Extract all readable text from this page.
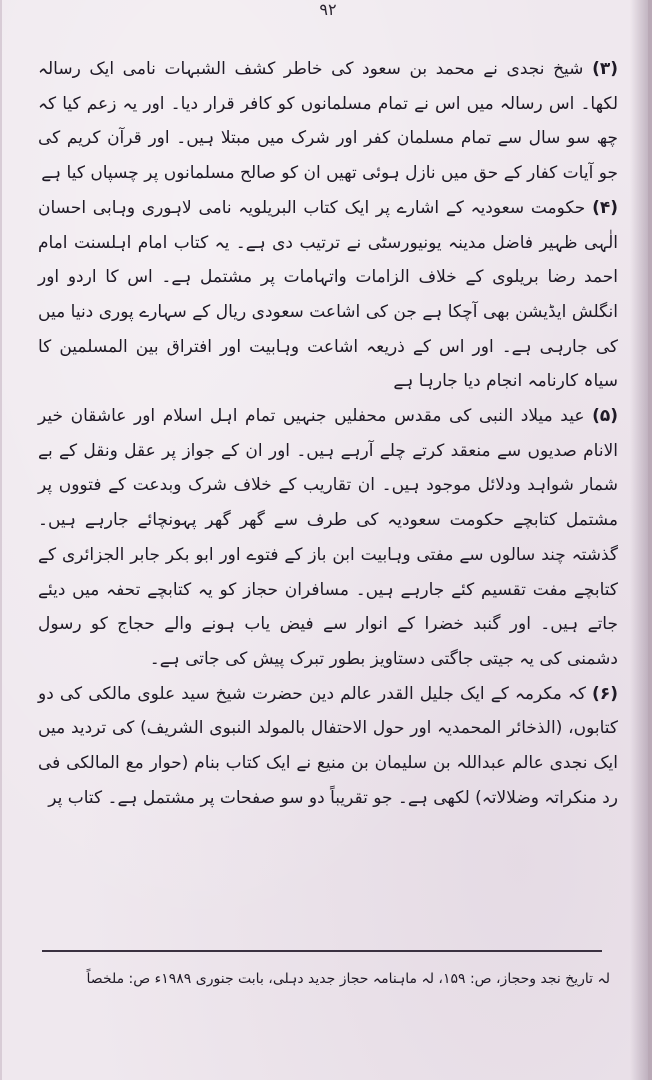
۹۲

(۳) شیخ نجدی نے محمد بن سعود کی خاطر کشف الشبہات نامی ایک رسالہ لکھا۔ اس رسالہ میں اس نے تمام مسلمانوں کو کافر قرار دیا۔ اور یہ زعم کیا کہ چھ سو سال سے تمام مسلمان کفر اور شرک میں مبتلا ہیں۔ اور قرآن کریم کی جو آیات کفار کے حق میں نازل ہوئی تھیں ان کو صالح مسلمانوں پر چسپاں کیا ہے

(۴) حکومت سعودیہ کے اشارے پر ایک کتاب البریلویہ نامی لاہوری وہابی احسان الٰہی ظہیر فاضل مدینہ یونیورسٹی نے ترتیب دی ہے۔ یہ کتاب امام اہلسنت امام احمد رضا بریلوی کے خلاف الزامات واتہامات پر مشتمل ہے۔ اس کا اردو اور انگلش ایڈیشن بھی آچکا ہے جن کی اشاعت سعودی ریال کے سہارے پوری دنیا میں کی جارہی ہے۔ اور اس کے ذریعہ اشاعت وہابیت اور افتراق بین المسلمین کا سیاہ کارنامہ انجام دیا جارہا ہے

(۵) عید میلاد النبی کی مقدس محفلیں جنہیں تمام اہل اسلام اور عاشقان خیر الانام صدیوں سے منعقد کرتے چلے آرہے ہیں۔ اور ان کے جواز پر عقل ونقل کے بے شمار شواہد ودلائل موجود ہیں۔ ان تقاریب کے خلاف شرک وبدعت کے فتووں پر مشتمل کتابچے حکومت سعودیہ کی طرف سے گھر گھر پہونچائے جارہے ہیں۔ گذشتہ چند سالوں سے مفتی وہابیت ابن باز کے فتوے اور ابو بکر جابر الجزائری کے کتابچے مفت تقسیم کئے جارہے ہیں۔ مسافران حجاز کو یہ کتابچے تحفہ میں دیئے جاتے ہیں۔ اور گنبد خضرا کے انوار سے فیض یاب ہونے والے حجاج کو رسول دشمنی کی یہ جیتی جاگتی دستاویز بطور تبرک پیش کی جاتی ہے۔

(۶) کہ مکرمہ کے ایک جلیل القدر عالم دین حضرت شیخ سید علوی مالکی کی دو کتابوں، (الذخائر المحمدیہ اور حول الاحتفال بالمولد النبوی الشریف) کی تردید میں ایک نجدی عالم عبداللہ بن سلیمان بن منیع نے ایک کتاب بنام (حوار مع المالکی فی رد منکراتہ وضلالاتہ) لکھی ہے۔ جو تقریباً دو سو صفحات پر مشتمل ہے۔ کتاب پر

لہ تاریخ نجد وحجاز، ص: ۱۵۹، لہ ماہنامہ حجاز جدید دہلی، بابت جنوری ۱۹۸۹ء ص: ملخصاً
